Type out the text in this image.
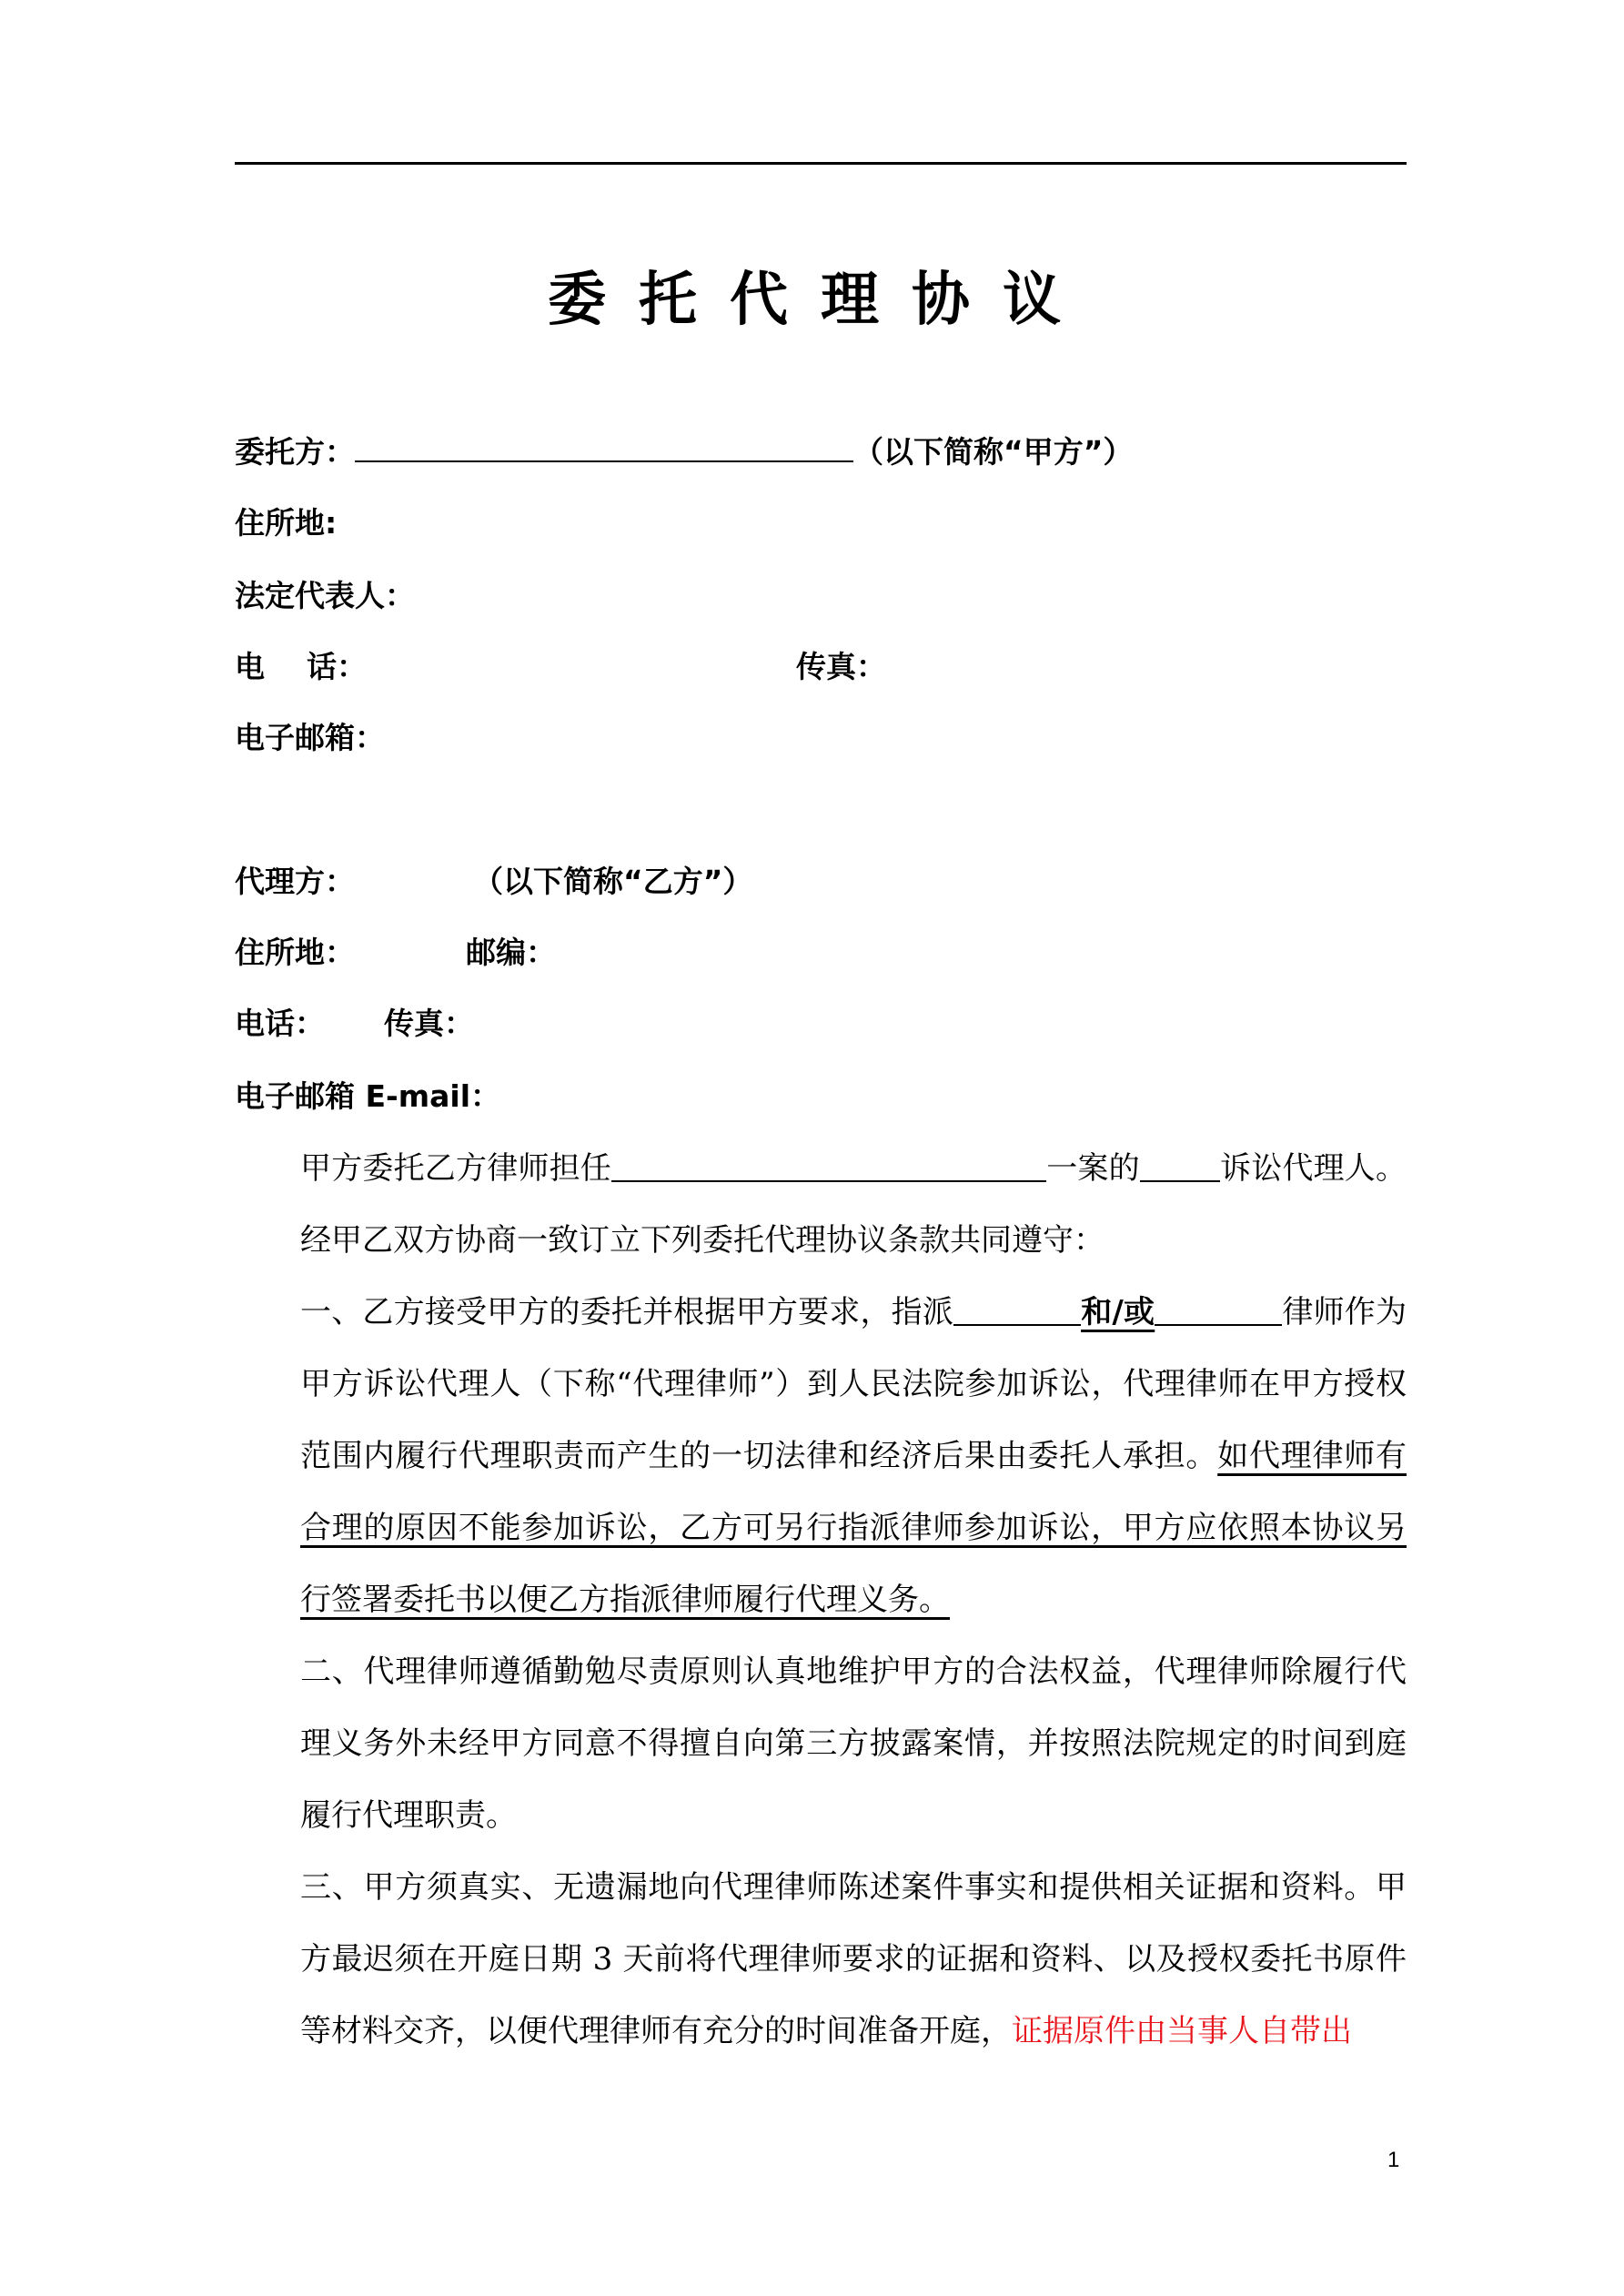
委托代理协议
委托方：	（以下简称“甲方”）
住所地:
法定代表人：
电    话：	传真：
电子邮箱：
代理方：	（以下简称“乙方”）
住所地：	邮编：
电话： 传真：
电子邮箱 E-mail：
甲方委托乙方律师担任	一案的	诉讼代理人。经甲乙双方协商一致订立下列委托代理协议条款共同遵守：
一、乙方接受甲方的委托并根据甲方要求，指派	和/或	律师作为甲方诉讼代理人（下称“代理律师”）到人民法院参加诉讼，代理律师在甲方授权范围内履行代理职责而产生的一切法律和经济后果由委托人承担。如代理律师有合理的原因不能参加诉讼，乙方可另行指派律师参加诉讼，甲方应依照本协议另行签署委托书以便乙方指派律师履行代理义务。
二、代理律师遵循勤勉尽责原则认真地维护甲方的合法权益，代理律师除履行代理义务外未经甲方同意不得擅自向第三方披露案情，并按照法院规定的时间到庭履行代理职责。
三、甲方须真实、无遗漏地向代理律师陈述案件事实和提供相关证据和资料。甲方最迟须在开庭日期 3 天前将代理律师要求的证据和资料、以及授权委托书原件等材料交齐，以便代理律师有充分的时间准备开庭，证据原件由当事人自带出
1
